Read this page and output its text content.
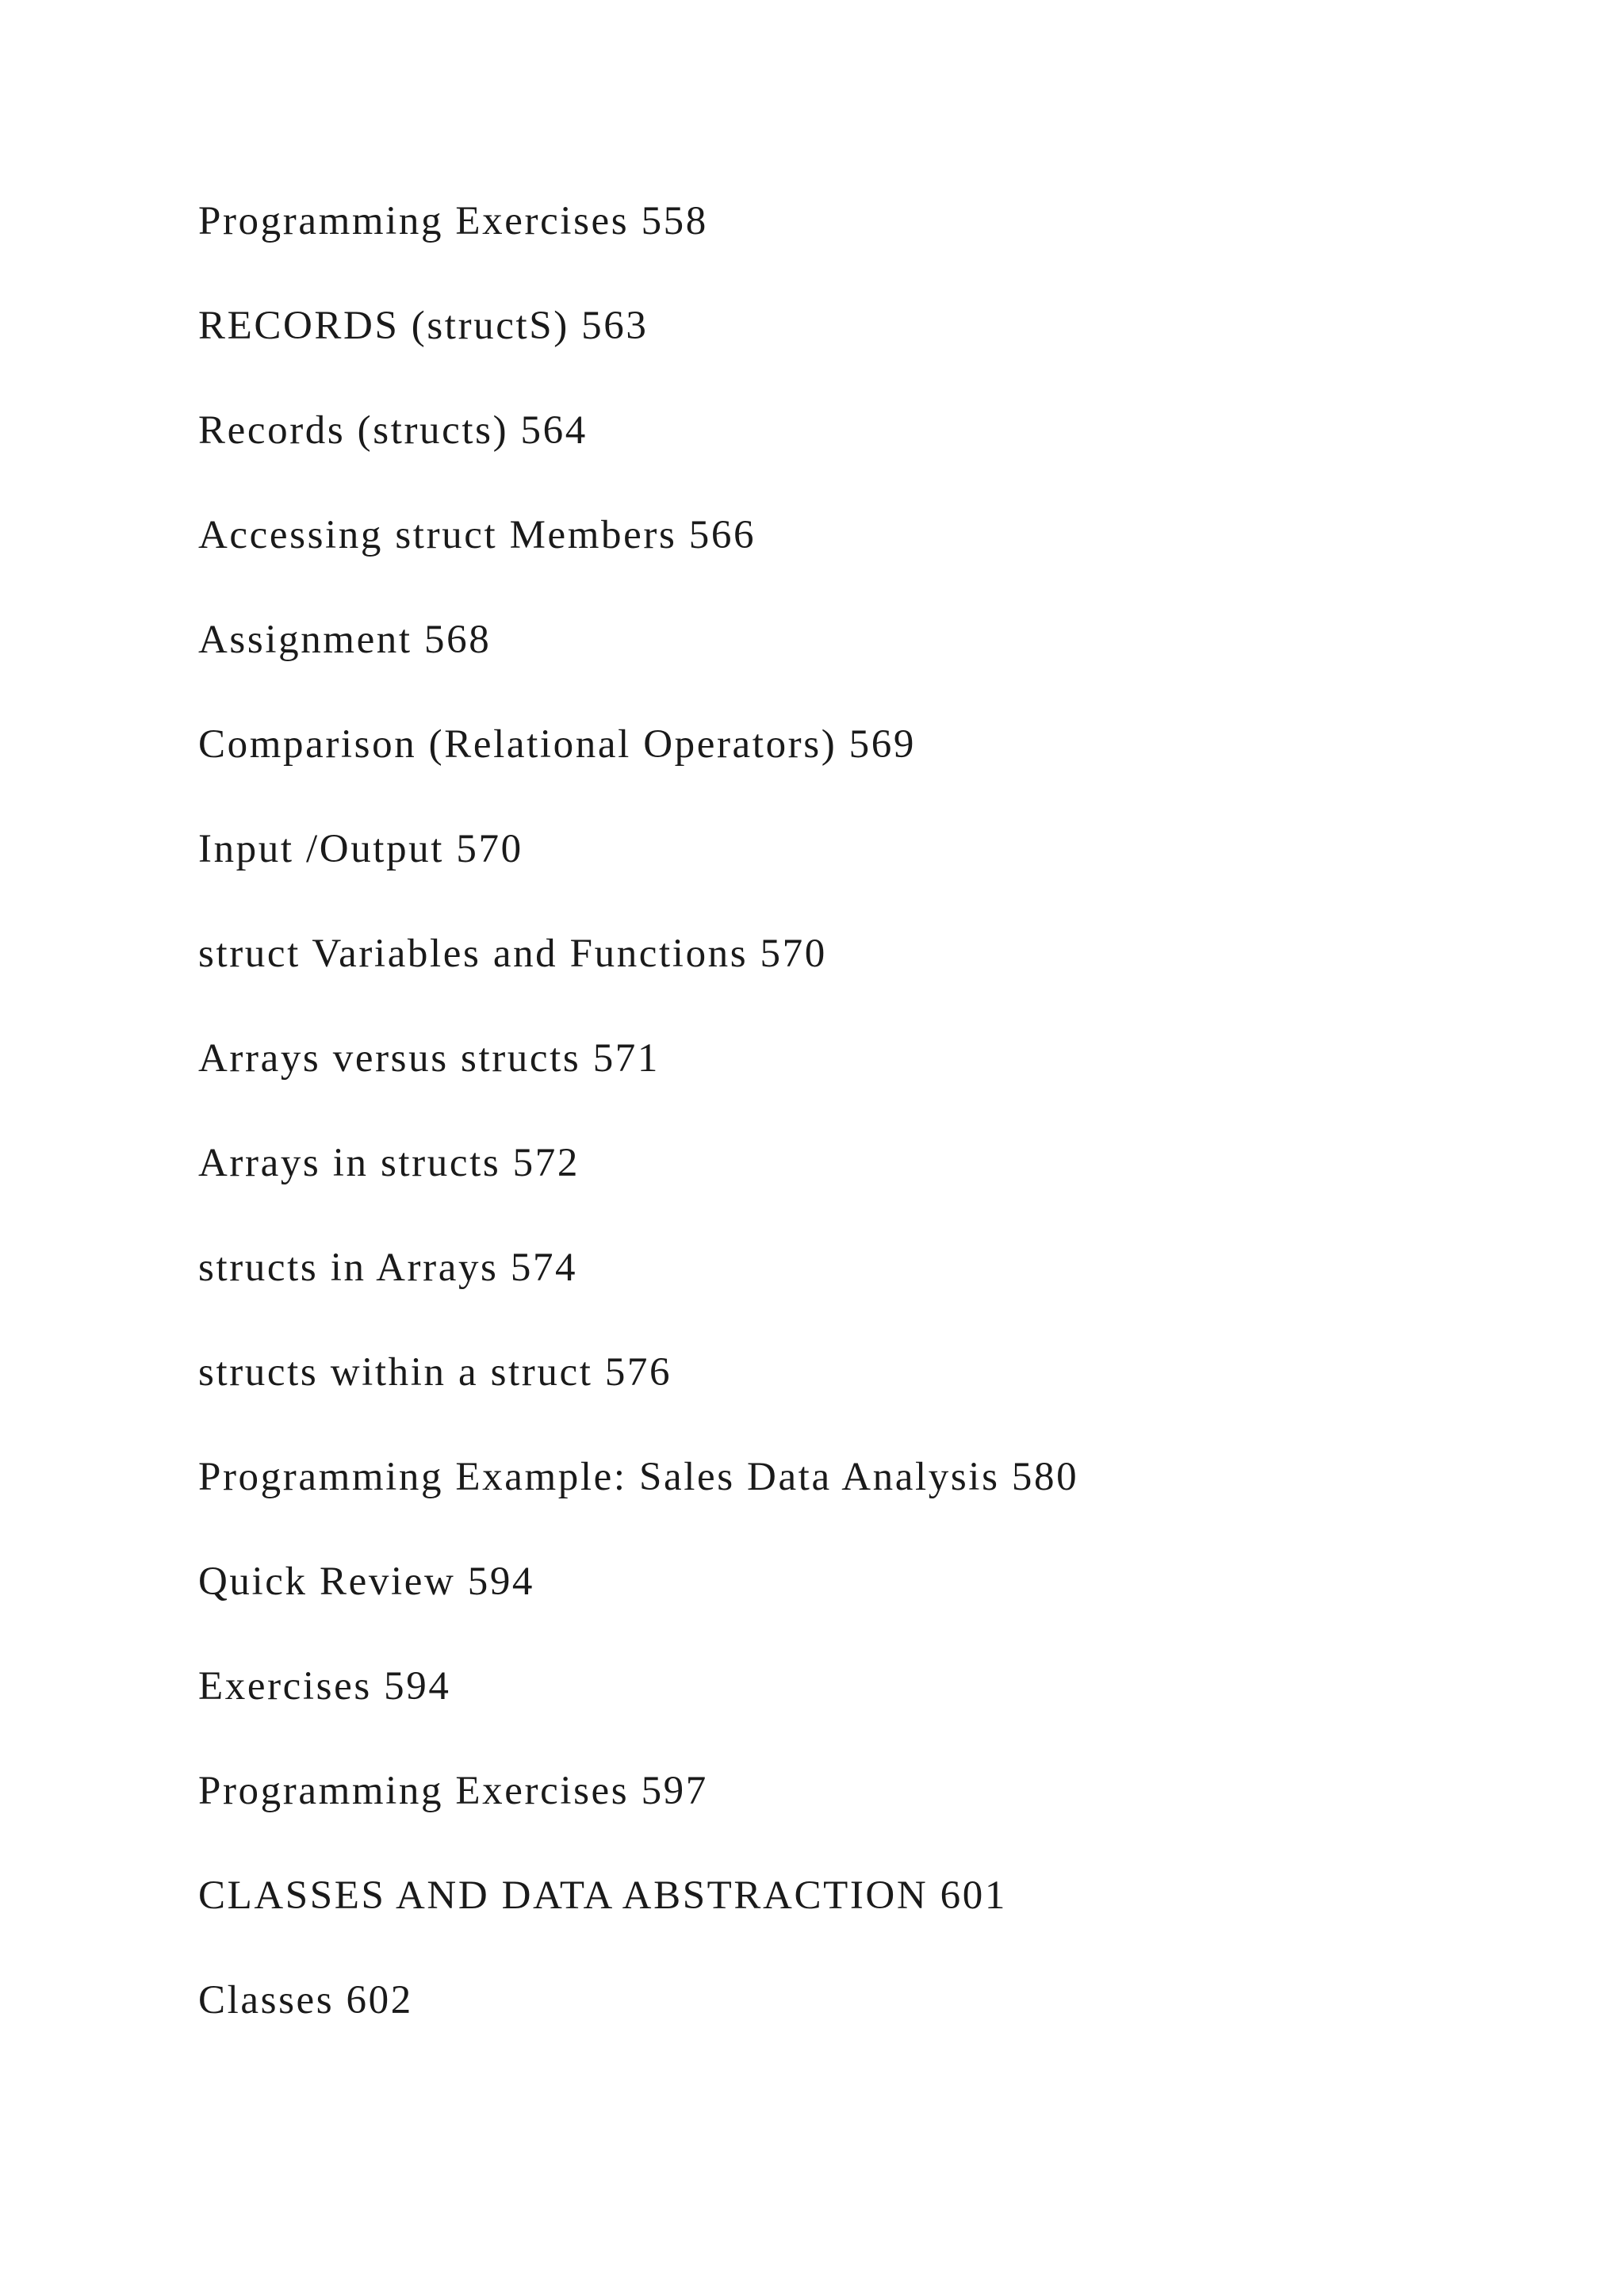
Programming Exercises 558
RECORDS (structS) 563
Records (structs) 564
Accessing struct Members 566
Assignment 568
Comparison (Relational Operators) 569
Input /Output 570
struct Variables and Functions 570
Arrays versus structs 571
Arrays in structs 572
structs in Arrays 574
structs within a struct 576
Programming Example: Sales Data Analysis 580
Quick Review 594
Exercises 594
Programming Exercises 597
CLASSES AND DATA ABSTRACTION 601
Classes 602
